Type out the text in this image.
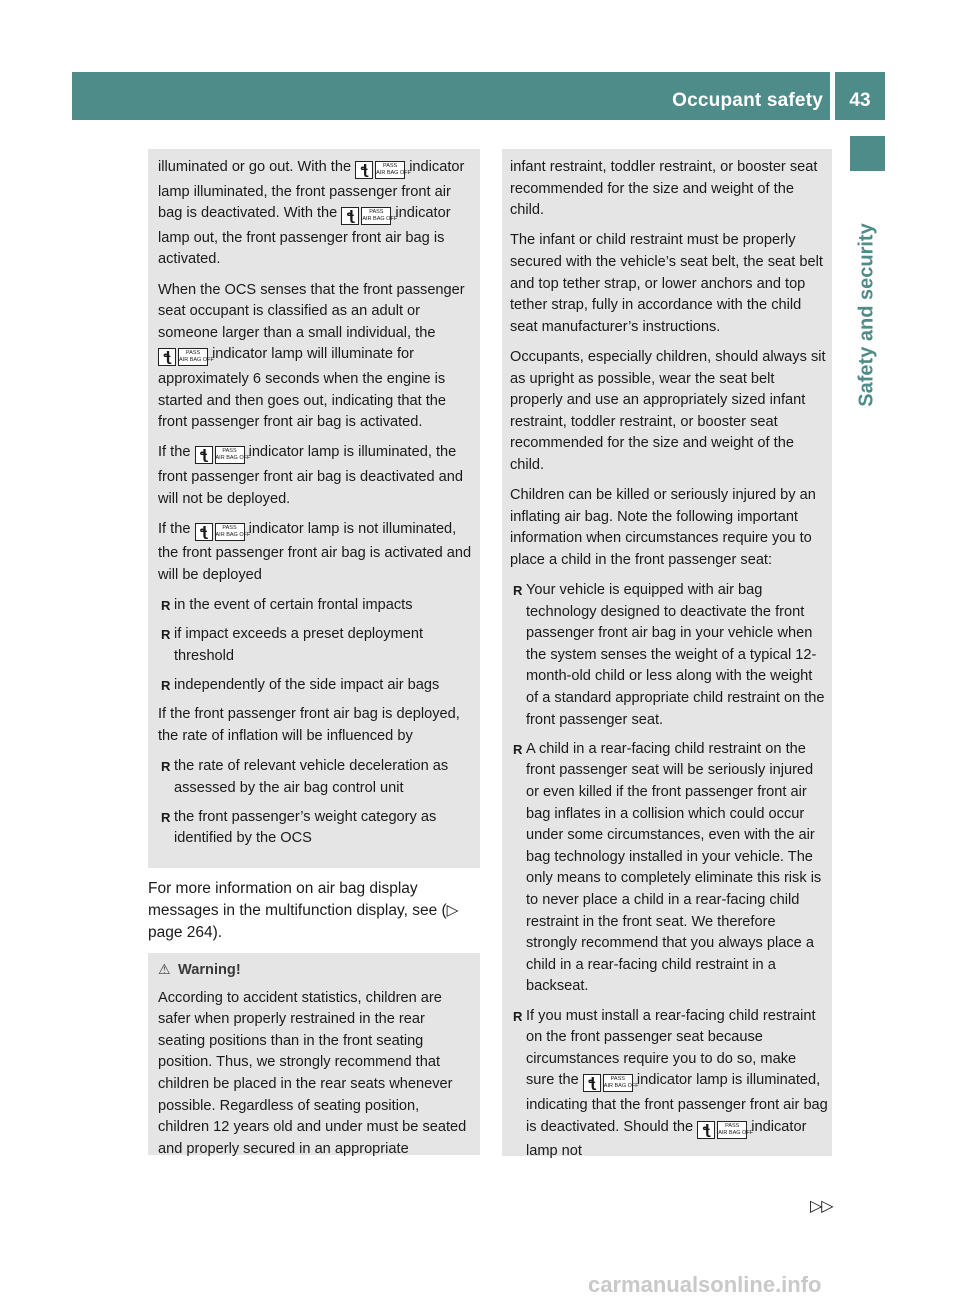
Occupant safety	43
Safety and security

illuminated or go out. With the ꞎ	PASS
AIR BAG OFF
indicator lamp illuminated, the front passenger front air bag is deactivated. With the ꞎ	PASS
AIR BAG OFF
indicator lamp out, the front passenger front air bag is activated.

When the OCS senses that the front passenger seat occupant is classified as an adult or someone larger than a small individual, the ꞎ	PASS
AIR BAG OFF
indicator lamp will illuminate for approximately 6 seconds when the engine is started and then goes out, indicating that the front passenger front air bag is activated.

If the ꞎ	PASS
AIR BAG OFF
indicator lamp is illuminated, the front passenger front air bag is deactivated and will not be deployed.

If the ꞎ	PASS
AIR BAG OFF
indicator lamp is not illuminated, the front passenger front air bag is activated and will be deployed

R in the event of certain frontal impacts
R if impact exceeds a preset deployment threshold
R independently of the side impact air bags

If the front passenger front air bag is deployed, the rate of inflation will be influenced by

R the rate of relevant vehicle deceleration as assessed by the air bag control unit
R the front passenger’s weight category as identified by the OCS

For more information on air bag display messages in the multifunction display, see (▷ page 264).

⚠ Warning!

According to accident statistics, children are safer when properly restrained in the rear seating positions than in the front seating position. Thus, we strongly recommend that children be placed in the rear seats whenever possible. Regardless of seating position, children 12 years old and under must be seated and properly secured in an appropriate

infant restraint, toddler restraint, or booster seat recommended for the size and weight of the child.

The infant or child restraint must be properly secured with the vehicle’s seat belt, the seat belt and top tether strap, or lower anchors and top tether strap, fully in accordance with the child seat manufacturer’s instructions.

Occupants, especially children, should always sit as upright as possible, wear the seat belt properly and use an appropriately sized infant restraint, toddler restraint, or booster seat recommended for the size and weight of the child.

Children can be killed or seriously injured by an inflating air bag. Note the following important information when circumstances require you to place a child in the front passenger seat:

R Your vehicle is equipped with air bag technology designed to deactivate the front passenger front air bag in your vehicle when the system senses the weight of a typical 12-month-old child or less along with the weight of a standard appropriate child restraint on the front passenger seat.
R A child in a rear-facing child restraint on the front passenger seat will be seriously injured or even killed if the front passenger front air bag inflates in a collision which could occur under some circumstances, even with the air bag technology installed in your vehicle. The only means to completely eliminate this risk is to never place a child in a rear-facing child restraint in the front seat. We therefore strongly recommend that you always place a child in a rear-facing child restraint in a backseat.
R If you must install a rear-facing child restraint on the front passenger seat because circumstances require you to do so, make sure the ꞎ	PASS
AIR BAG OFF
indicator lamp is illuminated, indicating that the front passenger front air bag is deactivated. Should the ꞎ	PASS
AIR BAG OFF
indicator lamp not
▷▷
carmanualsonline.info
